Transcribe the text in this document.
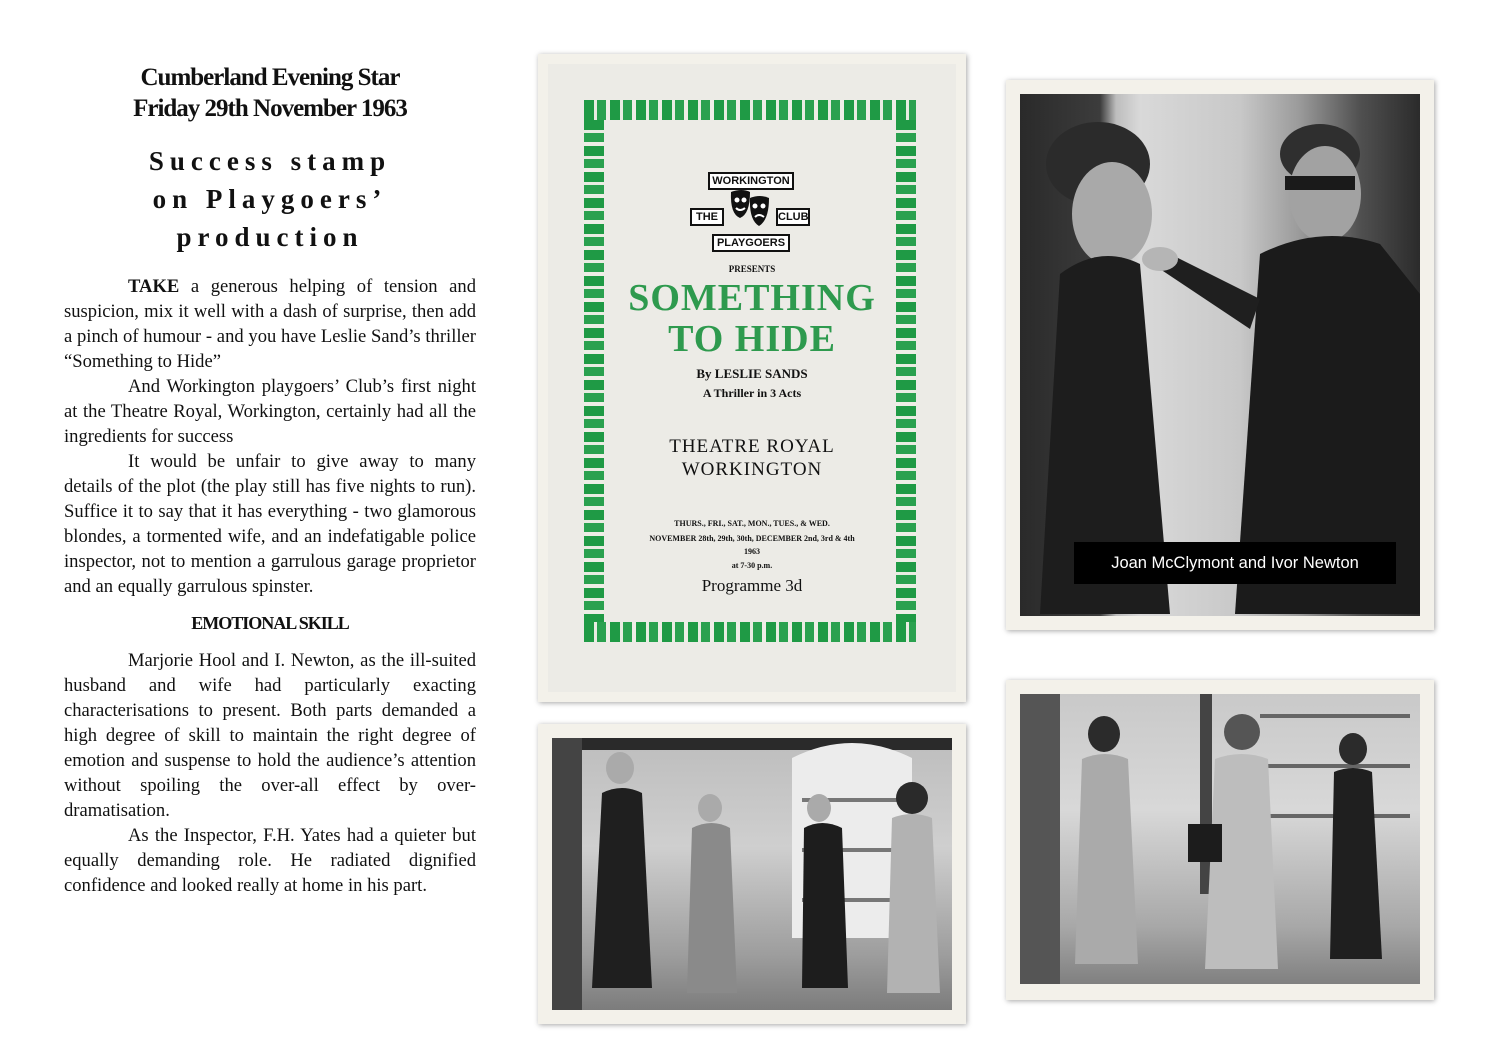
Cumberland Evening Star
Friday 29th November 1963
Success stamp
on Playgoers’
production

TAKE a generous helping of tension and suspicion, mix it well with a dash of surprise, then add a pinch of humour - and you have Leslie Sand’s thriller “Something to Hide”

And Workington playgoers’ Club’s first night at the Theatre Royal, Workington, certainly had all the ingredients for success

It would be unfair to give away to many details of the plot (the play still has five nights to run). Suffice it to say that it has everything - two glamorous blondes, a tormented wife, and an indefatigable police inspector, not to mention a garrulous garage proprietor and an equally garrulous spinster.

EMOTIONAL SKILL

Marjorie Hool and I. Newton, as the ill-suited husband and wife had particularly exacting characterisations to present. Both parts demanded a high degree of skill to maintain the right degree of emotion and suspense to hold the audience’s attention without spoiling the over-all effect by over-dramatisation.

As the Inspector, F.H. Yates had a quieter but equally demanding role. He radiated dignified confidence and looked really at home in his part.

WORKINGTON
THE	CLUB
PLAYGOERS
PRESENTS
SOMETHING
TO HIDE
By LESLIE SANDS
A Thriller in 3 Acts
THEATRE ROYAL
WORKINGTON
THURS., FRI., SAT., MON., TUES., & WED.
NOVEMBER 28th, 29th, 30th, DECEMBER 2nd, 3rd & 4th
1963
at 7-30 p.m.
Programme 3d
Joan McClymont and Ivor Newton
